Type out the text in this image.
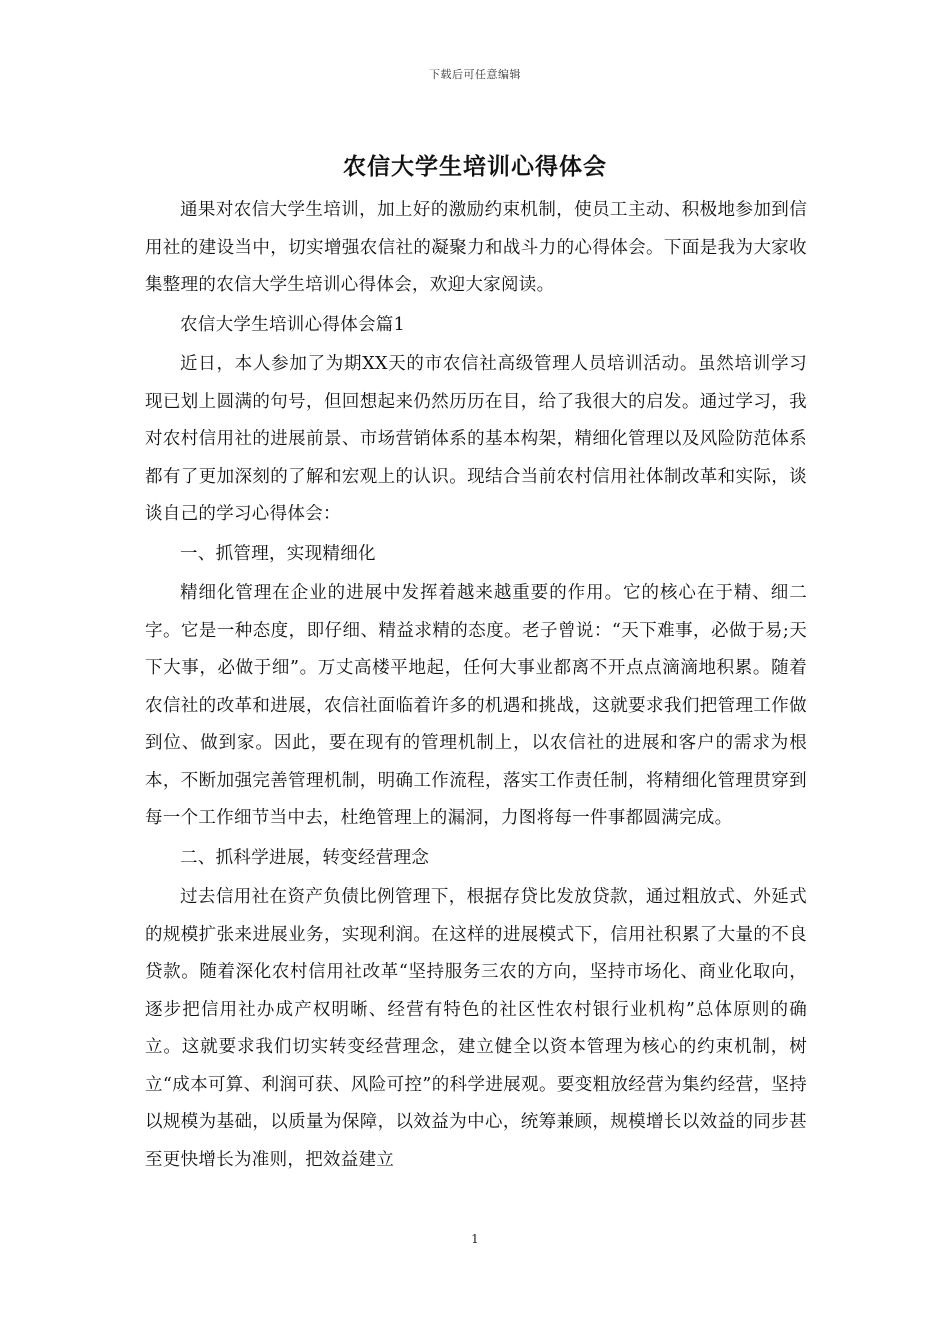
下载后可任意编辑
农信大学生培训心得体会

通果对农信大学生培训，加上好的激励约束机制，使员工主动、积极地参加到信用社的建设当中，切实增强农信社的凝聚力和战斗力的心得体会。下面是我为大家收集整理的农信大学生培训心得体会，欢迎大家阅读。

农信大学生培训心得体会篇1

近日，本人参加了为期XX天的市农信社高级管理人员培训活动。虽然培训学习现已划上圆满的句号，但回想起来仍然历历在目，给了我很大的启发。通过学习，我对农村信用社的进展前景、市场营销体系的基本构架，精细化管理以及风险防范体系都有了更加深刻的了解和宏观上的认识。现结合当前农村信用社体制改革和实际，谈谈自己的学习心得体会：

一、抓管理，实现精细化

精细化管理在企业的进展中发挥着越来越重要的作用。它的核心在于精、细二字。它是一种态度，即仔细、精益求精的态度。老子曾说：“天下难事，必做于易;天下大事，必做于细”。万丈高楼平地起，任何大事业都离不开点点滴滴地积累。随着农信社的改革和进展，农信社面临着许多的机遇和挑战，这就要求我们把管理工作做到位、做到家。因此，要在现有的管理机制上，以农信社的进展和客户的需求为根本，不断加强完善管理机制，明确工作流程，落实工作责任制，将精细化管理贯穿到每一个工作细节当中去，杜绝管理上的漏洞，力图将每一件事都圆满完成。

二、抓科学进展，转变经营理念

过去信用社在资产负债比例管理下，根据存贷比发放贷款，通过粗放式、外延式的规模扩张来进展业务，实现利润。在这样的进展模式下，信用社积累了大量的不良贷款。随着深化农村信用社改革“坚持服务三农的方向，坚持市场化、商业化取向，逐步把信用社办成产权明晰、经营有特色的社区性农村银行业机构”总体原则的确立。这就要求我们切实转变经营理念，建立健全以资本管理为核心的约束机制，树立“成本可算、利润可获、风险可控”的科学进展观。要变粗放经营为集约经营，坚持以规模为基础，以质量为保障，以效益为中心，统筹兼顾，规模增长以效益的同步甚至更快增长为准则，把效益建立

1
